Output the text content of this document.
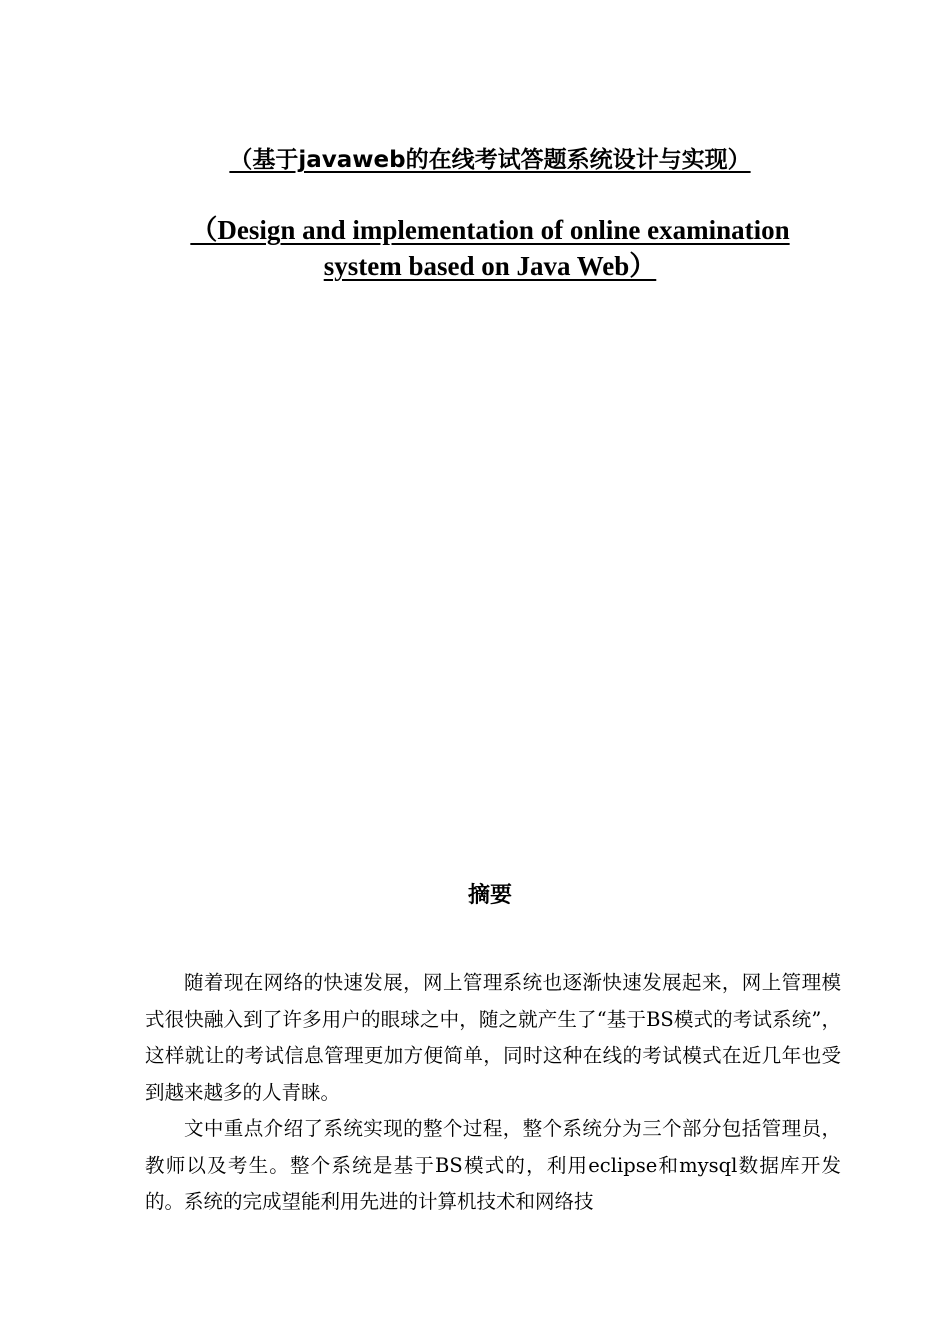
（基于javaweb的在线考试答题系统设计与实现）
（Design and implementation of online examination system based on Java Web）
摘要

随着现在网络的快速发展，网上管理系统也逐渐快速发展起来，网上管理模式很快融入到了许多用户的眼球之中，随之就产生了“基于BS模式的考试系统”，这样就让的考试信息管理更加方便简单，同时这种在线的考试模式在近几年也受到越来越多的人青睐。

文中重点介绍了系统实现的整个过程，整个系统分为三个部分包括管理员，教师以及考生。整个系统是基于BS模式的，利用eclipse和mysql数据库开发的。系统的完成望能利用先进的计算机技术和网络技
